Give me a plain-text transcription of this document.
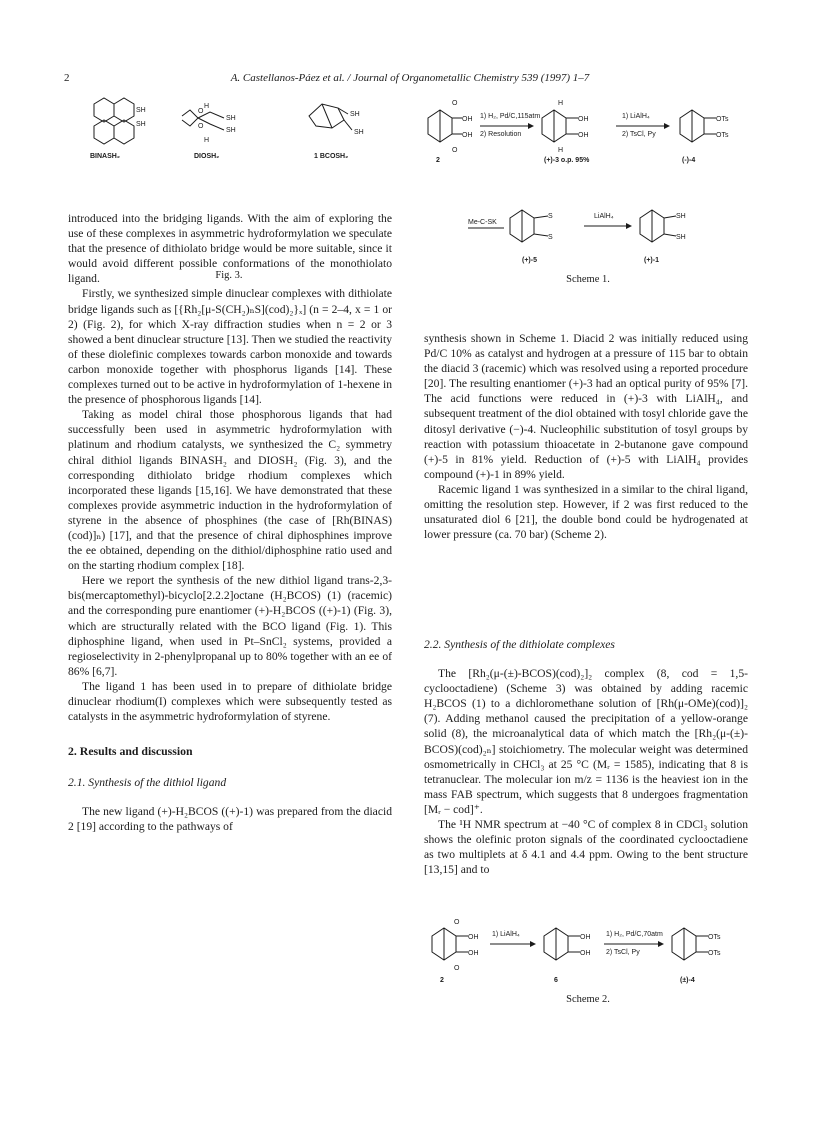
2	A. Castellanos-Páez et al. / Journal of Organometallic Chemistry 539 (1997) 1–7
SH
SH
H
O
O
H
SH
SH
SH
SH
BINASH₂	DIOSH₂	1 BCOSH₂
Fig. 3.
O
O
OH
OH
1) H₂, Pd/C,115atm
2) Resolution
H
H
OH
OH
1) LiAlH₄
2) TsCl, Py
OTs
OTs
2	(+)-3 o.p. 95%	(-)-4
Me-C-SK
S
S
LiAlH₄	SH
SH
(+)-5	(+)-1
Scheme 1.

introduced into the bridging ligands. With the aim of exploring the use of these complexes in asymmetric hydroformylation we speculate that the presence of dithiolato bridge would be more suitable, since it would avoid different possible conformations of the monothiolato ligand.

Firstly, we synthesized simple dinuclear complexes with dithiolate bridge ligands such as [{Rh₂[μ-S(CH₂)ₙS](cod)₂}ₓ] (n = 2–4, x = 1 or 2) (Fig. 2), for which X-ray diffraction studies when n = 2 or 3 showed a bent dinuclear structure [13]. Then we studied the reactivity of these diolefinic complexes towards carbon monoxide and towards carbon monoxide together with phosphorus ligands [14]. These complexes turned out to be active in hydroformylation of 1-hexene in the presence of phosphorous ligands [14].

Taking as model chiral those phosphorous ligands that had successfully been used in asymmetric hydroformylation with platinum and rhodium catalysts, we synthesized the C₂ symmetry chiral dithiol ligands BINASH₂ and DIOSH₂ (Fig. 3), and the corresponding dithiolato bridge rhodium complexes which incorporated these ligands [15,16]. We have demonstrated that these complexes provide asymmetric induction in the hydroformylation of styrene in the absence of phosphines (the case of [Rh(BINAS)(cod)]ₙ) [17], and that the presence of chiral diphosphines improve the ee obtained, depending on the dithiol/diphosphine ratio used and on the starting rhodium complex [18].

Here we report the synthesis of the new dithiol ligand trans-2,3-bis(mercaptomethyl)-bicyclo[2.2.2]octane (H₂BCOS) (1) (racemic) and the corresponding pure enantiomer (+)-H₂BCOS ((+)-1) (Fig. 3), which are structurally related with the BCO ligand (Fig. 1). This diphosphine ligand, when used in Pt–SnCl₂ systems, provided a regioselectivity in 2-phenylpropanal up to 80% together with an ee of 86% [6,7].

The ligand 1 has been used in to prepare of dithiolate bridge dinuclear rhodium(I) complexes which were subsequently tested as catalysts in the asymmetric hydroformylation of styrene.

2. Results and discussion
2.1. Synthesis of the dithiol ligand

The new ligand (+)-H₂BCOS ((+)-1) was prepared from the diacid 2 [19] according to the pathways of

synthesis shown in Scheme 1. Diacid 2 was initially reduced using Pd/C 10% as catalyst and hydrogen at a pressure of 115 bar to obtain the diacid 3 (racemic) which was resolved using a reported procedure [20]. The resulting enantiomer (+)-3 had an optical purity of 95% [7]. The acid functions were reduced in (+)-3 with LiAlH₄, and subsequent treatment of the diol obtained with tosyl chloride gave the ditosyl derivative (−)-4. Nucleophilic substitution of tosyl groups by reaction with potassium thioacetate in 2-butanone gave compound (+)-5 in 81% yield. Reduction of (+)-5 with LiAlH₄ provides compound (+)-1 in 89% yield.

Racemic ligand 1 was synthesized in a similar to the chiral ligand, omitting the resolution step. However, if 2 was first reduced to the unsaturated diol 6 [21], the double bond could be hydrogenated at lower pressure (ca. 70 bar) (Scheme 2).

2.2. Synthesis of the dithiolate complexes

The [Rh₂(μ-(±)-BCOS)(cod)₂]₂ complex (8, cod = 1,5-cyclooctadiene) (Scheme 3) was obtained by adding racemic H₂BCOS (1) to a dichloromethane solution of [Rh(μ-OMe)(cod)]₂ (7). Adding methanol caused the precipitation of a yellow-orange solid (8), the microanalytical data of which match the [Rh₂(μ-(±)-BCOS)(cod)₂ₙ] stoichiometry. The molecular weight was determined osmometrically in CHCl₃ at 25 °C (Mᵣ = 1585), indicating that 8 is tetranuclear. The molecular ion m/z = 1136 is the heaviest ion in the mass FAB spectrum, which suggests that 8 undergoes fragmentation [Mᵣ − cod]⁺.

The ¹H NMR spectrum at −40 °C of complex 8 in CDCl₃ solution shows the olefinic proton signals of the coordinated cyclooctadiene as two multiplets at δ 4.1 and 4.4 ppm. Owing to the bent structure [13,15] and to

O
O
OH
OH
1) LiAlH₄	OH
OH
1) H₂, Pd/C,70atm
2) TsCl, Py
OTs
OTs
2	6	(±)-4
Scheme 2.
